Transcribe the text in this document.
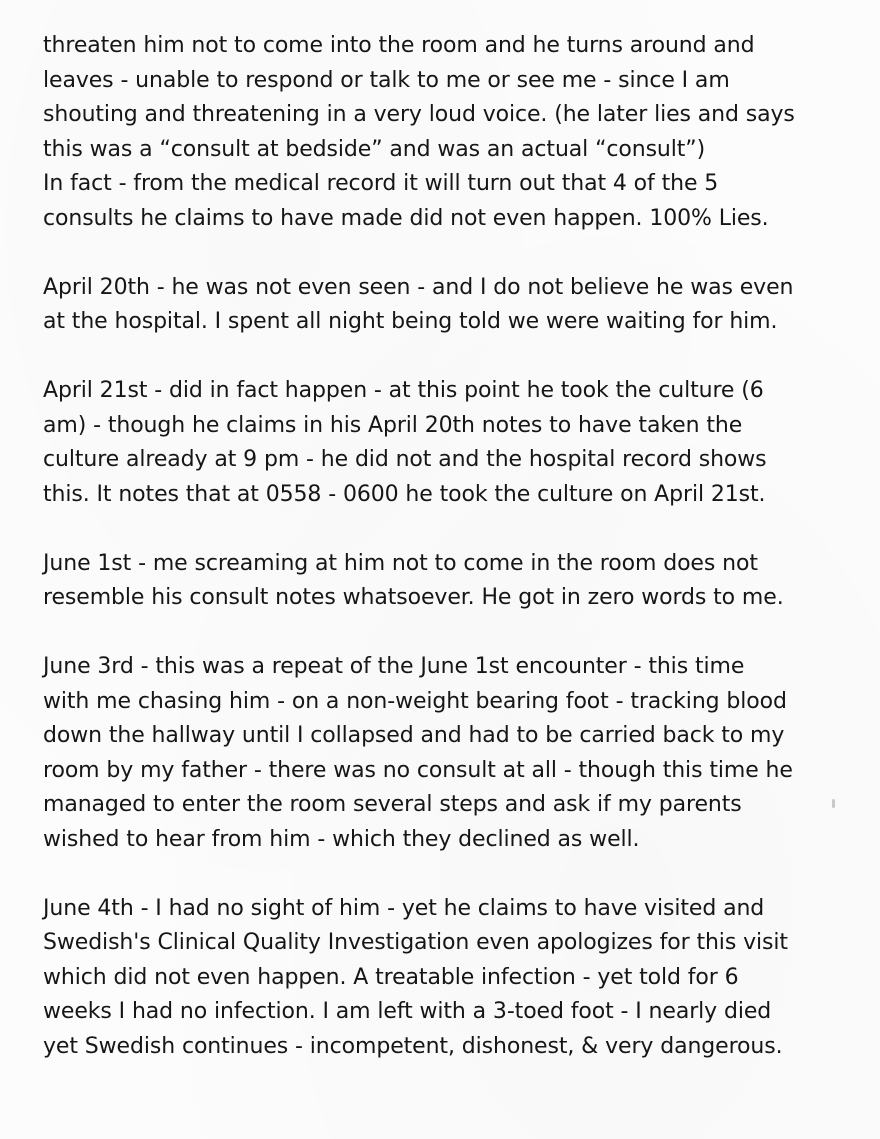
threaten him not to come into the room and he turns around and
leaves - unable to respond or talk to me or see me - since I am
shouting and threatening in a very loud voice. (he later lies and says
this was a “consult at bedside” and was an actual “consult”)
In fact - from the medical record it will turn out that 4 of the 5
consults he claims to have made did not even happen. 100% Lies.

April 20th - he was not even seen - and I do not believe he was even
at the hospital. I spent all night being told we were waiting for him.

April 21st - did in fact happen - at this point he took the culture (6
am) - though he claims in his April 20th notes to have taken the
culture already at 9 pm - he did not and the hospital record shows
this. It notes that at 0558 - 0600 he took the culture on April 21st.

June 1st - me screaming at him not to come in the room does not
resemble his consult notes whatsoever. He got in zero words to me.

June 3rd - this was a repeat of the June 1st encounter - this time
with me chasing him - on a non-weight bearing foot - tracking blood
down the hallway until I collapsed and had to be carried back to my
room by my father - there was no consult at all - though this time he
managed to enter the room several steps and ask if my parents
wished to hear from him - which they declined as well.

June 4th - I had no sight of him - yet he claims to have visited and
Swedish's Clinical Quality Investigation even apologizes for this visit
which did not even happen. A treatable infection - yet told for 6
weeks I had no infection. I am left with a 3-toed foot - I nearly died
yet Swedish continues - incompetent, dishonest, & very dangerous.
